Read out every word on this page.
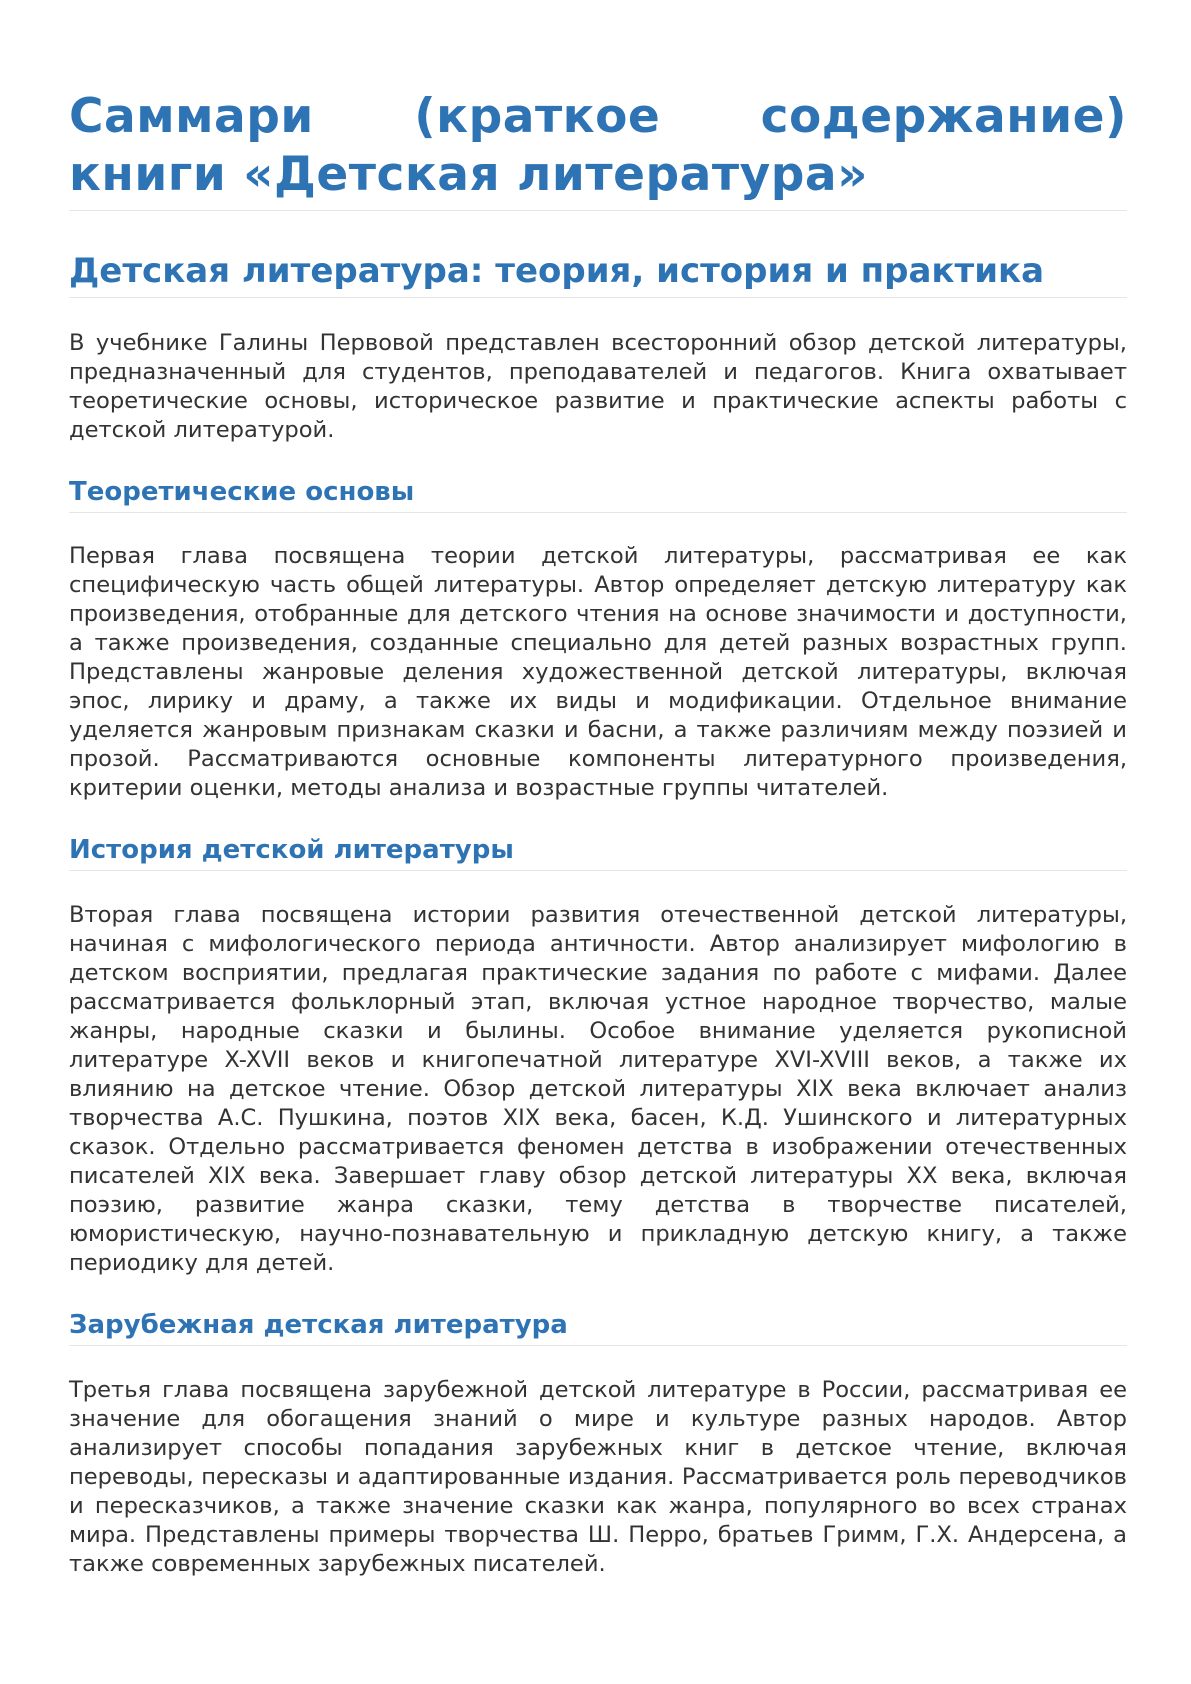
Саммари (краткое содержание) книги «Детская литература»
Детская литература: теория, история и практика

В учебнике Галины Первовой представлен всесторонний обзор детской литературы, предназначенный для студентов, преподавателей и педагогов. Книга охватывает теоретические основы, историческое развитие и практические аспекты работы с детской литературой.

Теоретические основы

Первая глава посвящена теории детской литературы, рассматривая ее как специфическую часть общей литературы. Автор определяет детскую литературу как произведения, отобранные для детского чтения на основе значимости и доступности, а также произведения, созданные специально для детей разных возрастных групп. Представлены жанровые деления художественной детской литературы, включая эпос, лирику и драму, а также их виды и модификации. Отдельное внимание уделяется жанровым признакам сказки и басни, а также различиям между поэзией и прозой. Рассматриваются основные компоненты литературного произведения, критерии оценки, методы анализа и возрастные группы читателей.

История детской литературы

Вторая глава посвящена истории развития отечественной детской литературы, начиная с мифологического периода античности. Автор анализирует мифологию в детском восприятии, предлагая практические задания по работе с мифами. Далее рассматривается фольклорный этап, включая устное народное творчество, малые жанры, народные сказки и былины. Особое внимание уделяется рукописной литературе X-XVII веков и книгопечатной литературе XVI-XVIII веков, а также их влиянию на детское чтение. Обзор детской литературы XIX века включает анализ творчества А.С. Пушкина, поэтов XIX века, басен, К.Д. Ушинского и литературных сказок. Отдельно рассматривается феномен детства в изображении отечественных писателей XIX века. Завершает главу обзор детской литературы XX века, включая поэзию, развитие жанра сказки, тему детства в творчестве писателей, юмористическую, научно-познавательную и прикладную детскую книгу, а также периодику для детей.

Зарубежная детская литература

Третья глава посвящена зарубежной детской литературе в России, рассматривая ее значение для обогащения знаний о мире и культуре разных народов. Автор анализирует способы попадания зарубежных книг в детское чтение, включая переводы, пересказы и адаптированные издания. Рассматривается роль переводчиков и пересказчиков, а также значение сказки как жанра, популярного во всех странах мира. Представлены примеры творчества Ш. Перро, братьев Гримм, Г.Х. Андерсена, а также современных зарубежных писателей.
